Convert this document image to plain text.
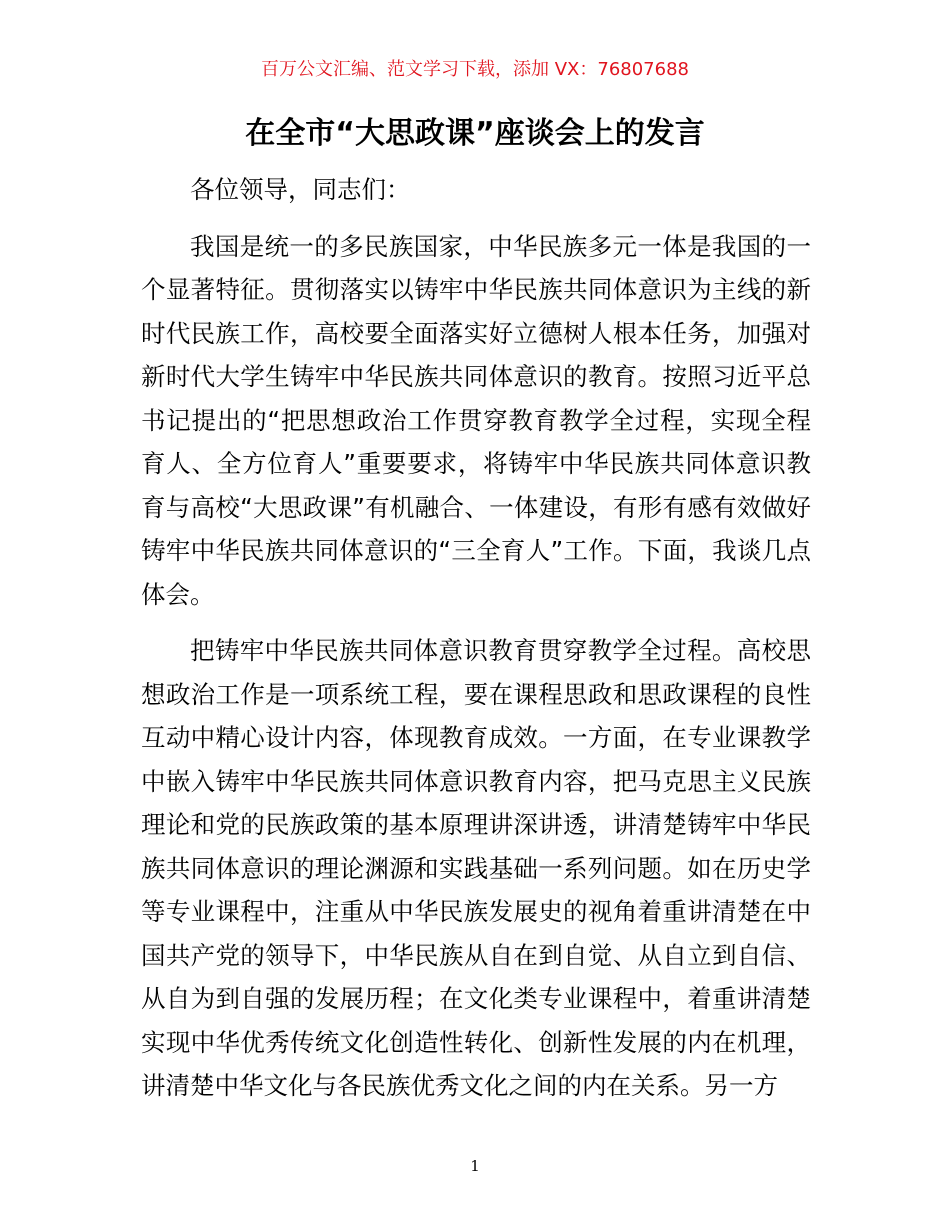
百万公文汇编、范文学习下载，添加 VX：76807688
在全市“大思政课”座谈会上的发言

各位领导，同志们：

我国是统一的多民族国家，中华民族多元一体是我国的一个显著特征。贯彻落实以铸牢中华民族共同体意识为主线的新时代民族工作，高校要全面落实好立德树人根本任务，加强对新时代大学生铸牢中华民族共同体意识的教育。按照习近平总书记提出的“把思想政治工作贯穿教育教学全过程，实现全程育人、全方位育人”重要要求，将铸牢中华民族共同体意识教育与高校“大思政课”有机融合、一体建设，有形有感有效做好铸牢中华民族共同体意识的“三全育人”工作。下面，我谈几点体会。

把铸牢中华民族共同体意识教育贯穿教学全过程。高校思想政治工作是一项系统工程，要在课程思政和思政课程的良性互动中精心设计内容，体现教育成效。一方面，在专业课教学中嵌入铸牢中华民族共同体意识教育内容，把马克思主义民族理论和党的民族政策的基本原理讲深讲透，讲清楚铸牢中华民族共同体意识的理论渊源和实践基础一系列问题。如在历史学等专业课程中，注重从中华民族发展史的视角着重讲清楚在中国共产党的领导下，中华民族从自在到自觉、从自立到自信、从自为到自强的发展历程；在文化类专业课程中，着重讲清楚实现中华优秀传统文化创造性转化、创新性发展的内在机理，讲清楚中华文化与各民族优秀文化之间的内在关系。另一方

1
